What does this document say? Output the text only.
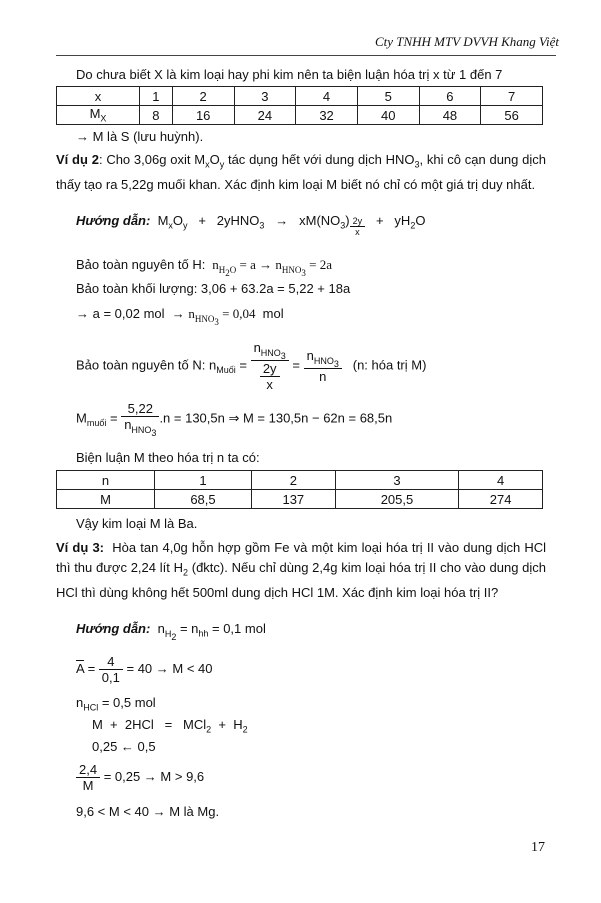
Cty TNHH MTV DVVH Khang Việt
Do chưa biết X là kim loại hay phi kim nên ta biện luận hóa trị x từ 1 đến 7
x	1	2	3	4	5	6	7
$M_X$	8	16	24	32	40	48	56
→ M là S (lưu huỳnh).
Ví dụ 2: Cho 3,06g oxit $M_xO_y$ tác dụng hết với dung dịch $HNO_3$, khi cô cạn dung dịch thấy tạo ra 5,22g muối khan. Xác định kim loại M biết nó chỉ có một giá trị duy nhất.
Hướng dẫn:  $M_xO_y$   +   2yHNO$_3$   →   $xM(NO_3) \frac{2y}{x} + yH_2O$
Bảo toàn nguyên tố H:  $n_{H_2O} = a \to n_{HNO_3} = 2a$
Bảo toàn khối lượng: 3,06 + 63.2a = 5,22 + 18a
→ a = 0,02 mol  → $n_{HNO_3} = 0,04$  mol
Bảo toàn nguyên tố N: $n_{Muối} = \frac{n_{HNO_3}}{\frac{2y}{x}} = \frac{n_{HNO_3}}{n} (n$: hóa trị M)
$M_{muối} = \frac{5,22}{n_{HNO_3}} .n = 130,5n$ ⇒ M = 130,5n − 62n = 68,5n
Biện luận M theo hóa trị n ta có:
n	1	2	3	4
M	68,5	137	205,5	274
Vậy kim loại M là Ba.
Ví dụ 3:  Hòa tan 4,0g hỗn hợp gồm Fe và một kim loại hóa trị II vào dung dịch HCl thì thu được 2,24 lít $H_2$ (đktc). Nếu chỉ dùng 2,4g kim loại hóa trị II cho vào dung dịch HCl thì dùng không hết 500ml dung dịch HCl 1M. Xác định kim loại hóa trị II?
Hướng dẫn:  $n_{H_2} = n_{hh} = 0,1$ mol
$\overline{A} = \frac{4}{0,1} = 40 \to M < 40$
$n_{HCl} = 0,5$ mol
$M + 2HCl = MCl_2 + H_2$
0,25 ← 0,5
$\frac{2,4}{M} = 0,25 \to M > 9,6$
9,6 < M < 40 → M là Mg.
17
